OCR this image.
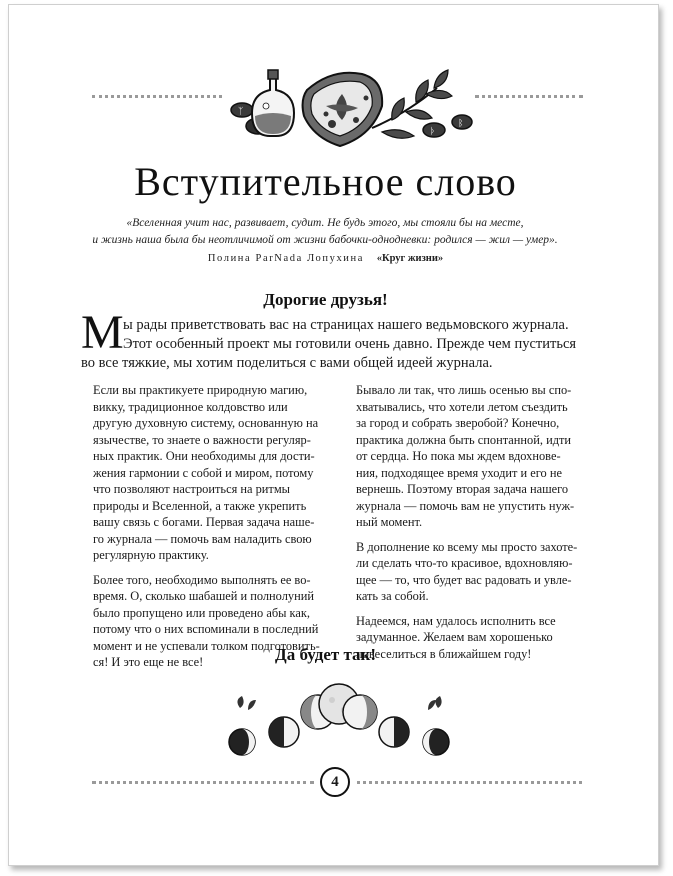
ᛉ
ᚦ
ᛒ
Вступительное слово
«Вселенная учит нас, развивает, судит. Не будь этого, мы стояли бы на месте,
и жизнь наша была бы неотличимой от жизни бабочки-однодневки: родился — жил — умер».
Полина ParNada Лопухина «Круг жизни»
Дорогие друзья!
М ы рады приветствовать вас на страницах нашего ведьмовского журнала.
Этот особенный проект мы готовили очень давно. Прежде чем пуститься
во все тяжкие, мы хотим поделиться с вами общей идеей журнала.
Если вы практикуете природную магию,
викку, традиционное колдовство или
другую духовную систему, основанную на
язычестве, то знаете о важности регуляр-
ных практик. Они необходимы для дости-
жения гармонии с собой и миром, потому
что позволяют настроиться на ритмы
природы и Вселенной, а также укрепить
вашу связь с богами. Первая задача наше-
го журнала — помочь вам наладить свою
регулярную практику.
Более того, необходимо выполнять ее во-
время. О, сколько шабашей и полнолуний
было пропущено или проведено абы как,
потому что о них вспоминали в последний
момент и не успевали толком подготовить-
ся! И это еще не все!
Бывало ли так, что лишь осенью вы спо-
хватывались, что хотели летом съездить
за город и собрать зверобой? Конечно,
практика должна быть спонтанной, идти
от сердца. Но пока мы ждем вдохнове-
ния, подходящее время уходит и его не
вернешь. Поэтому вторая задача нашего
журнала — помочь вам не упустить нуж-
ный момент.
В дополнение ко всему мы просто захоте-
ли сделать что-то красивое, вдохновляю-
щее — то, что будет вас радовать и увле-
кать за собой.
Надеемся, нам удалось исполнить все
задуманное. Желаем вам хорошенько
повеселиться в ближайшем году!
Да будет так!
4
